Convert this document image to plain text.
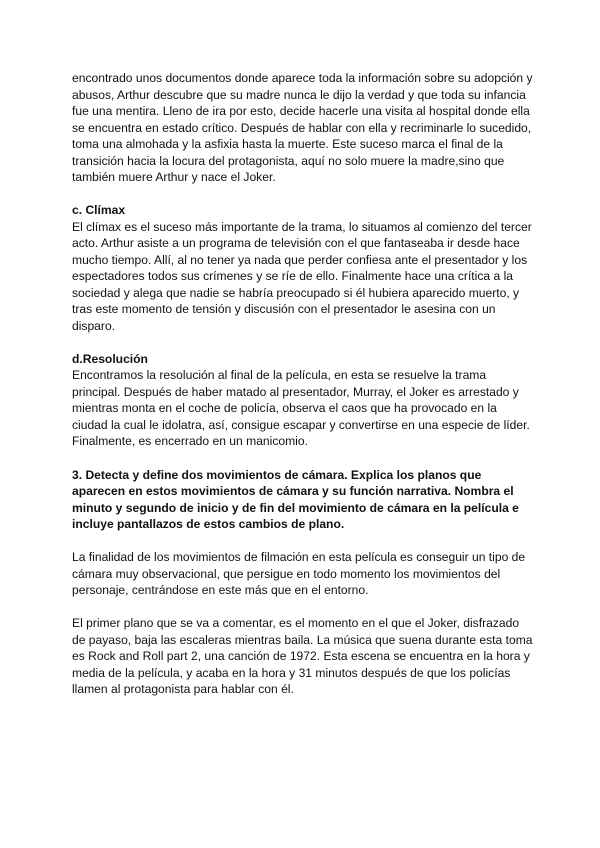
encontrado unos documentos donde aparece toda la información sobre su adopción y abusos, Arthur descubre que su madre nunca le dijo la verdad y que toda su infancia fue una mentira. Lleno de ira por esto, decide hacerle una visita al hospital donde ella se encuentra en estado crítico. Después de hablar con ella y recriminarle lo sucedido, toma una almohada y la asfixia hasta la muerte. Este suceso marca el final de la transición hacia la locura del protagonista, aquí no solo muere la madre,sino que también muere Arthur y nace el Joker.

c. Clímax

El clímax es el suceso más importante de la trama, lo situamos al comienzo del tercer acto. Arthur asiste a un programa de televisión con el que fantaseaba ir desde hace mucho tiempo. Allí, al no tener ya nada que perder confiesa ante el presentador y los espectadores todos sus crímenes y se ríe de ello. Finalmente hace una crítica a la sociedad y alega que nadie se habría preocupado si él hubiera aparecido muerto, y tras este momento de tensión y discusión con el presentador le asesina con un disparo.

d.Resolución

Encontramos la resolución al final de la película, en esta se resuelve la trama principal. Después de haber matado al presentador, Murray, el Joker es arrestado y mientras monta en el coche de policía, observa el caos que ha provocado en la ciudad la cual le idolatra, así, consigue escapar y convertirse en una especie de líder. Finalmente, es encerrado en un manicomio.

3. Detecta y define dos movimientos de cámara. Explica los planos que aparecen en estos movimientos de cámara y su función narrativa. Nombra el minuto y segundo de inicio y de fin del movimiento de cámara en la película e incluye pantallazos de estos cambios de plano.

La finalidad de los movimientos de filmación en esta película es conseguir un tipo de cámara muy observacional, que persigue en todo momento los movimientos del personaje, centrándose en este más que en el entorno.

El primer plano que se va a comentar, es el momento en el que el Joker, disfrazado de payaso, baja las escaleras mientras baila. La música que suena durante esta toma es Rock and Roll part 2, una canción de 1972. Esta escena se encuentra en la hora y media de la película, y acaba en la hora y 31 minutos después de que los policías llamen al protagonista para hablar con él.
